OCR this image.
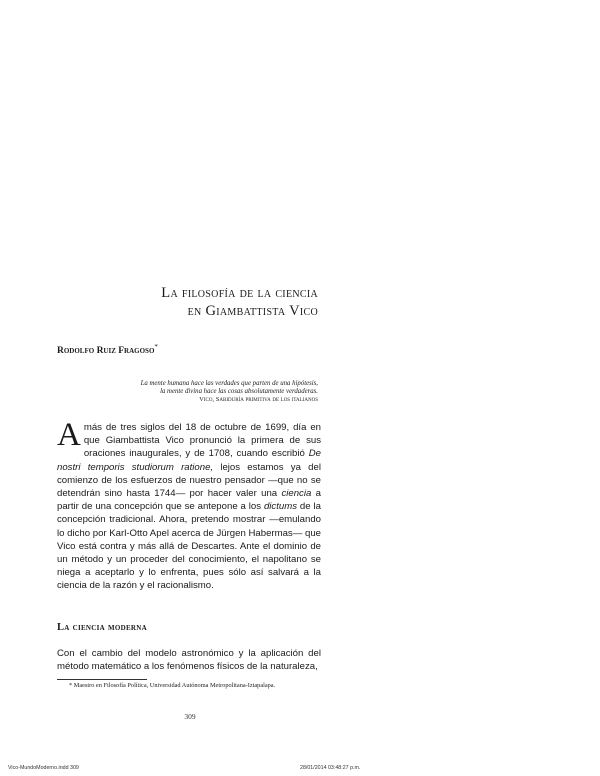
La filosofía de la ciencia
en Giambattista Vico
Rodolfo Ruiz Fragoso*
La mente humana hace las verdades que parten de una hipótesis,
la mente divina hace las cosas absolutamente verdaderas.
Vico, Sabiduría primitiva de los italianos
Amás de tres siglos del 18 de octubre de 1699, día en que Giambattista Vico pronunció la primera de sus oraciones inaugurales, y de 1708, cuando escribió De nostri temporis studiorum ratione, lejos estamos ya del comienzo de los esfuerzos de nuestro pensador —que no se detendrán sino hasta 1744— por hacer valer una ciencia a partir de una concepción que se antepone a los dictums de la concepción tradicional. Ahora, pretendo mostrar —emulando lo dicho por Karl-Otto Apel acerca de Jürgen Habermas— que Vico está contra y más allá de Descartes. Ante el dominio de un método y un proceder del conocimiento, el napolitano se niega a aceptarlo y lo enfrenta, pues sólo así salvará a la ciencia de la razón y el racionalismo.
La ciencia moderna
Con el cambio del modelo astronómico y la aplicación del método matemático a los fenómenos físicos de la naturaleza,
* Maestro en Filosofía Política, Universidad Autónoma Metropolitana-Iztapalapa.
309
Vico-MundoModerno.indd 309	28/01/2014 03:48:27 p.m.
